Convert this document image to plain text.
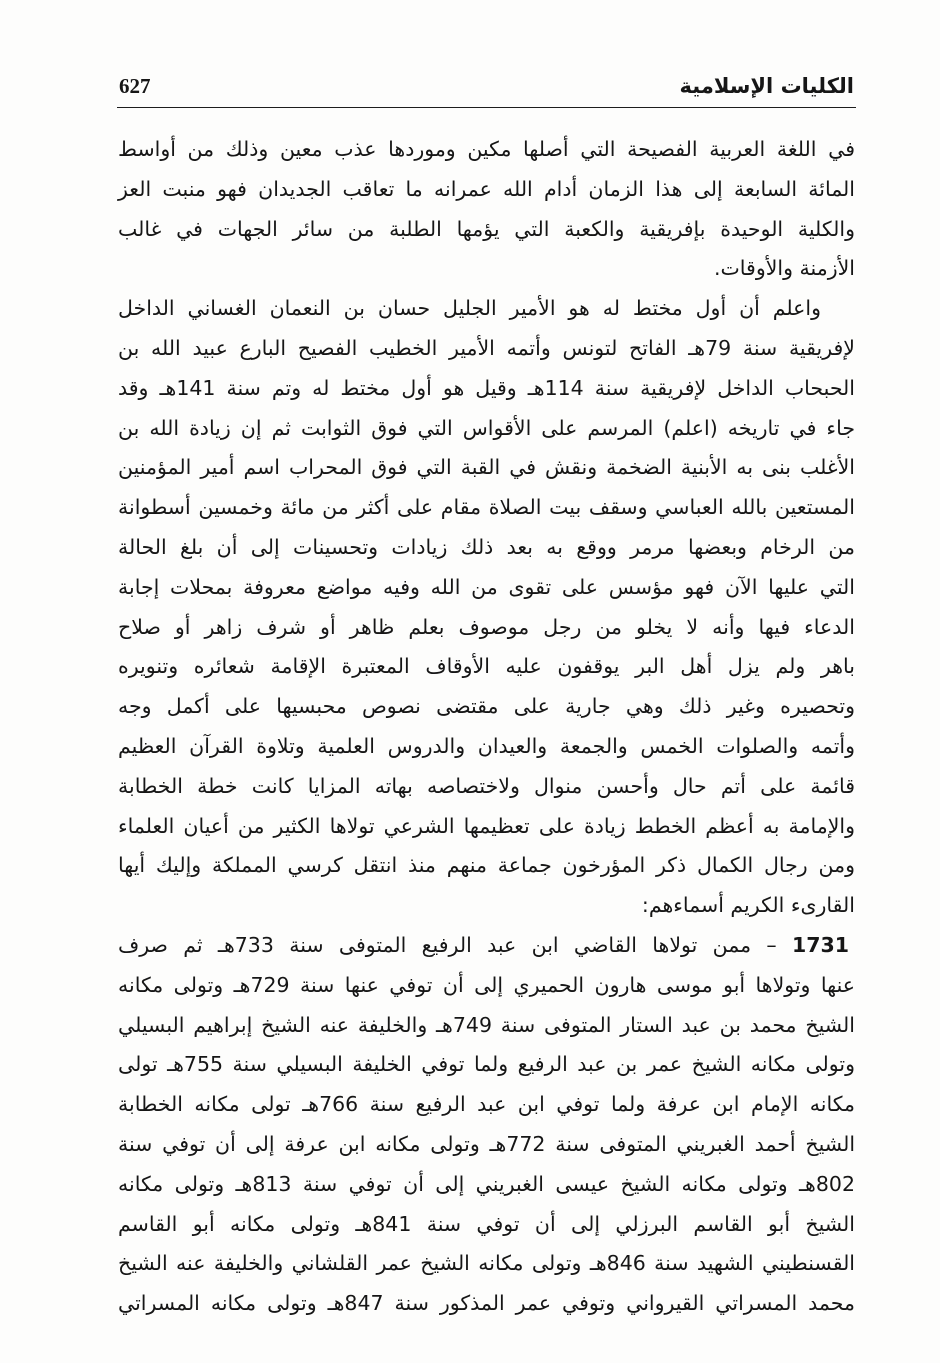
627	الكليات الإسلامية
في اللغة العربية الفصيحة التي أصلها مكين وموردها عذب معين وذلك من أواسط
المائة السابعة إلى هذا الزمان أدام الله عمرانه ما تعاقب الجديدان فهو منبت العز
والكلية الوحيدة بإفريقية والكعبة التي يؤمها الطلبة من سائر الجهات في غالب
الأزمنة والأوقات.
واعلم أن أول مختط له هو الأمير الجليل حسان بن النعمان الغساني الداخل
لإفريقية سنة 79هـ الفاتح لتونس وأتمه الأمير الخطيب الفصيح البارع عبيد الله بن
الحبحاب الداخل لإفريقية سنة 114هـ وقيل هو أول مختط له وتم سنة 141هـ وقد
جاء في تاريخه (اعلم) المرسم على الأقواس التي فوق الثوابت ثم إن زيادة الله بن
الأغلب بنى به الأبنية الضخمة ونقش في القبة التي فوق المحراب اسم أمير المؤمنين
المستعين بالله العباسي وسقف بيت الصلاة مقام على أكثر من مائة وخمسين أسطوانة
من الرخام وبعضها مرمر ووقع به بعد ذلك زيادات وتحسينات إلى أن بلغ الحالة
التي عليها الآن فهو مؤسس على تقوى من الله وفيه مواضع معروفة بمحلات إجابة
الدعاء فيها وأنه لا يخلو من رجل موصوف بعلم ظاهر أو شرف زاهر أو صلاح
باهر ولم يزل أهل البر يوقفون عليه الأوقاف المعتبرة الإقامة شعائره وتنويره
وتحصيره وغير ذلك وهي جارية على مقتضى نصوص محبسيها على أكمل وجه
وأتمه والصلوات الخمس والجمعة والعيدان والدروس العلمية وتلاوة القرآن العظيم
قائمة على أتم حال وأحسن منوال ولاختصاصه بهاته المزايا كانت خطة الخطابة
والإمامة به أعظم الخطط زيادة على تعظيمها الشرعي تولاها الكثير من أعيان العلماء
ومن رجال الكمال ذكر المؤرخون جماعة منهم منذ انتقل كرسي المملكة وإليك أيها
القارىء الكريم أسماءهم:
1731 – ممن تولاها القاضي ابن عبد الرفيع المتوفى سنة 733هـ ثم صرف
عنها وتولاها أبو موسى هارون الحميري إلى أن توفي عنها سنة 729هـ وتولى مكانه
الشيخ محمد بن عبد الستار المتوفى سنة 749هـ والخليفة عنه الشيخ إبراهيم البسيلي
وتولى مكانه الشيخ عمر بن عبد الرفيع ولما توفي الخليفة البسيلي سنة 755هـ تولى
مكانه الإمام ابن عرفة ولما توفي ابن عبد الرفيع سنة 766هـ تولى مكانه الخطابة
الشيخ أحمد الغبريني المتوفى سنة 772هـ وتولى مكانه ابن عرفة إلى أن توفي سنة
802هـ وتولى مكانه الشيخ عيسى الغبريني إلى أن توفي سنة 813هـ وتولى مكانه
الشيخ أبو القاسم البرزلي إلى أن توفي سنة 841هـ وتولى مكانه أبو القاسم
القسنطيني الشهيد سنة 846هـ وتولى مكانه الشيخ عمر القلشاني والخليفة عنه الشيخ
محمد المسراتي القيرواني وتوفي عمر المذكور سنة 847هـ وتولى مكانه المسراتي
